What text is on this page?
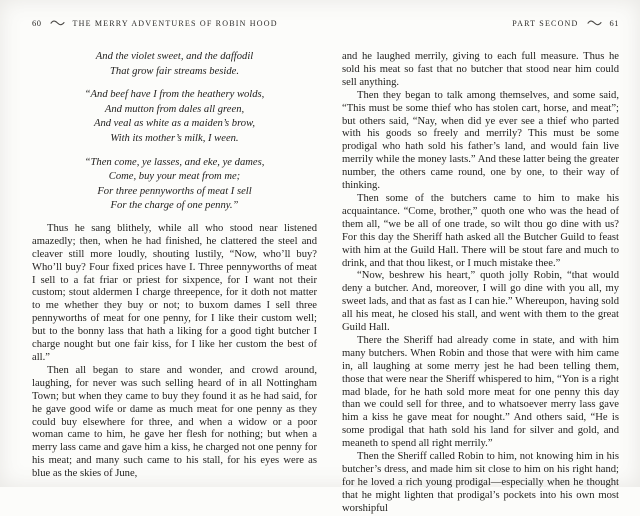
60	THE MERRY ADVENTURES OF ROBIN HOOD
And the violet sweet, and the daffodil
That grow fair streams beside.
“And beef have I from the heathery wolds,
And mutton from dales all green,
And veal as white as a maiden’s brow,
With its mother’s milk, I ween.
“Then come, ye lasses, and eke, ye dames,
Come, buy your meat from me;
For three pennyworths of meat I sell
For the charge of one penny.”

Thus he sang blithely, while all who stood near listened amazedly; then, when he had finished, he clattered the steel and cleaver still more loudly, shouting lustily, “Now, who’ll buy? Who’ll buy? Four fixed prices have I. Three pennyworths of meat I sell to a fat friar or priest for sixpence, for I want not their custom; stout aldermen I charge threepence, for it doth not matter to me whether they buy or not; to buxom dames I sell three pennyworths of meat for one penny, for I like their custom well; but to the bonny lass that hath a liking for a good tight butcher I charge nought but one fair kiss, for I like her custom the best of all.”

Then all began to stare and wonder, and crowd around, laughing, for never was such selling heard of in all Nottingham Town; but when they came to buy they found it as he had said, for he gave good wife or dame as much meat for one penny as they could buy elsewhere for three, and when a widow or a poor woman came to him, he gave her flesh for nothing; but when a merry lass came and gave him a kiss, he charged not one penny for his meat; and many such came to his stall, for his eyes were as blue as the skies of June,

PART SECOND	61

and he laughed merrily, giving to each full measure. Thus he sold his meat so fast that no butcher that stood near him could sell anything.

Then they began to talk among themselves, and some said, “This must be some thief who has stolen cart, horse, and meat”; but others said, “Nay, when did ye ever see a thief who parted with his goods so freely and merrily? This must be some prodigal who hath sold his father’s land, and would fain live merrily while the money lasts.” And these latter being the greater number, the others came round, one by one, to their way of thinking.

Then some of the butchers came to him to make his acquaintance. “Come, brother,” quoth one who was the head of them all, “we be all of one trade, so wilt thou go dine with us? For this day the Sheriff hath asked all the Butcher Guild to feast with him at the Guild Hall. There will be stout fare and much to drink, and that thou likest, or I much mistake thee.”

“Now, beshrew his heart,” quoth jolly Robin, “that would deny a butcher. And, moreover, I will go dine with you all, my sweet lads, and that as fast as I can hie.” Whereupon, having sold all his meat, he closed his stall, and went with them to the great Guild Hall.

There the Sheriff had already come in state, and with him many butchers. When Robin and those that were with him came in, all laughing at some merry jest he had been telling them, those that were near the Sheriff whispered to him, “Yon is a right mad blade, for he hath sold more meat for one penny this day than we could sell for three, and to whatsoever merry lass gave him a kiss he gave meat for nought.” And others said, “He is some prodigal that hath sold his land for silver and gold, and meaneth to spend all right merrily.”

Then the Sheriff called Robin to him, not knowing him in his butcher’s dress, and made him sit close to him on his right hand; for he loved a rich young prodigal—especially when he thought that he might lighten that prodigal’s pockets into his own most worshipful
